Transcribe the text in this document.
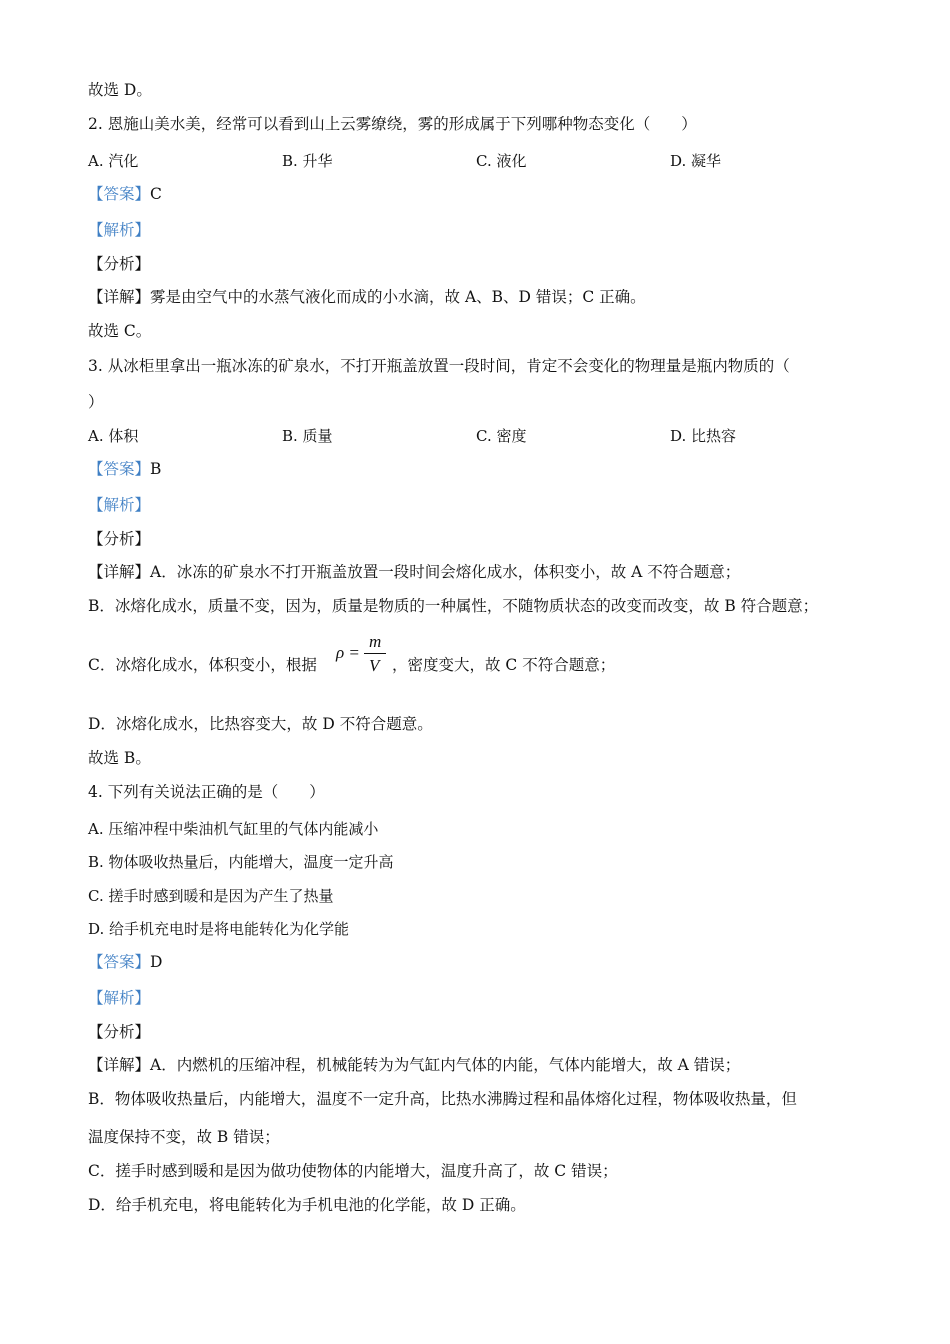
故选 D。
2. 恩施山美水美，经常可以看到山上云雾缭绕，雾的形成属于下列哪种物态变化（　　）
A. 汽化	B. 升华	C. 液化	D. 凝华
【答案】C
【解析】
【分析】
【详解】雾是由空气中的水蒸气液化而成的小水滴，故 A、B、D 错误；C 正确。
故选 C。
3. 从冰柜里拿出一瓶冰冻的矿泉水，不打开瓶盖放置一段时间，肯定不会变化的物理量是瓶内物质的（
）
A. 体积	B. 质量	C. 密度	D. 比热容
【答案】B
【解析】
【分析】
【详解】A．冰冻的矿泉水不打开瓶盖放置一段时间会熔化成水，体积变小，故 A 不符合题意；
B．冰熔化成水，质量不变，因为，质量是物质的一种属性，不随物质状态的改变而改变，故 B 符合题意；
C．冰熔化成水，体积变小，根据
ρ =
m
V ，密度变大，故 C 不符合题意；
D．冰熔化成水，比热容变大，故 D 不符合题意。
故选 B。
4. 下列有关说法正确的是（　　）
A. 压缩冲程中柴油机气缸里的气体内能减小
B. 物体吸收热量后，内能增大，温度一定升高
C. 搓手时感到暖和是因为产生了热量
D. 给手机充电时是将电能转化为化学能
【答案】D
【解析】
【分析】
【详解】A．内燃机的压缩冲程，机械能转为为气缸内气体的内能，气体内能增大，故 A 错误；
B．物体吸收热量后，内能增大，温度不一定升高，比热水沸腾过程和晶体熔化过程，物体吸收热量，但
温度保持不变，故 B 错误；
C．搓手时感到暖和是因为做功使物体的内能增大，温度升高了，故 C 错误；
D．给手机充电，将电能转化为手机电池的化学能，故 D 正确。
